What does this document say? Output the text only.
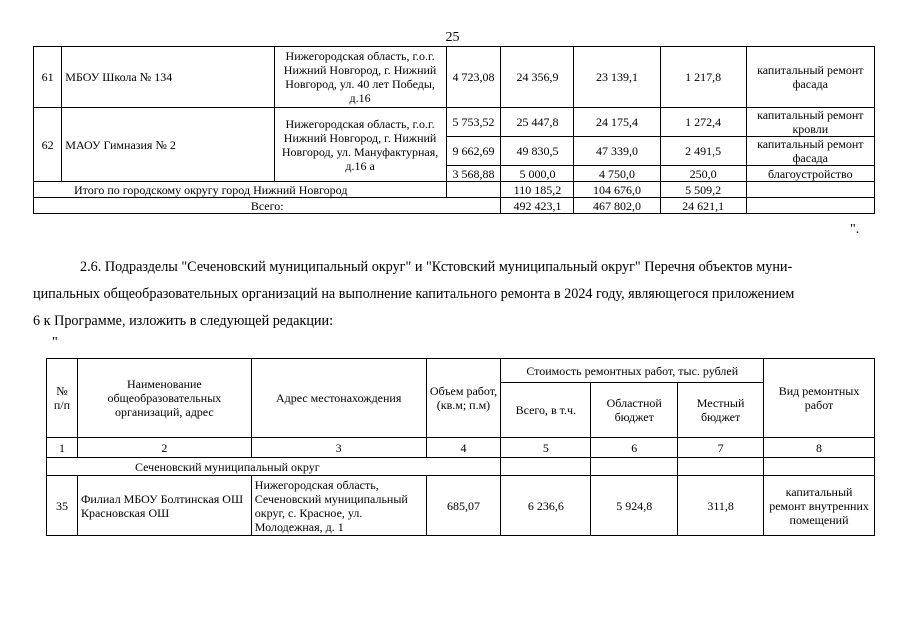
25
61	МБОУ Школа № 134	Нижегородская область, г.о.г. Нижний Новгород, г. Нижний Новгород, ул. 40 лет Победы, д.16	4 723,08	24 356,9	23 139,1	1 217,8	капитальный ремонт фасада
62	МАОУ Гимназия № 2	Нижегородская область, г.о.г. Нижний Новгород, г. Нижний Новгород, ул. Мануфактурная, д.16 а	5 753,52	25 447,8	24 175,4	1 272,4	капитальный ремонт кровли
			9 662,69	49 830,5	47 339,0	2 491,5	капитальный ремонт фасада
			3 568,88	5 000,0	4 750,0	250,0	благоустройство
Итого по городскому округу город Нижний Новгород				110 185,2	104 676,0	5 509,2	
Всего:				492 423,1	467 802,0	24 621,1	
".
2.6. Подразделы "Сеченовский муниципальный округ" и "Кстовский муниципальный округ" Перечня объектов муни-
ципальных общеобразовательных организаций на выполнение капитального ремонта в 2024 году, являющегося приложением
6 к Программе, изложить в следующей редакции:
"
№ п/п	Наименование общеобразовательных организаций, адрес	Адрес местонахождения	Объем работ, (кв.м; п.м)	Стоимость ремонтных работ, тыс. рублей			Вид ремонтных работ
				Всего, в т.ч.	Областной бюджет	Местный бюджет	
1	2	3	4	5	6	7	8
Сеченовский муниципальный округ							
35	Филиал МБОУ Болтинская ОШ Красновская ОШ	Нижегородская область, Сеченовский муниципальный округ, с. Красное, ул. Молодежная, д. 1	685,07	6 236,6	5 924,8	311,8	капитальный ремонт внутренних помещений
